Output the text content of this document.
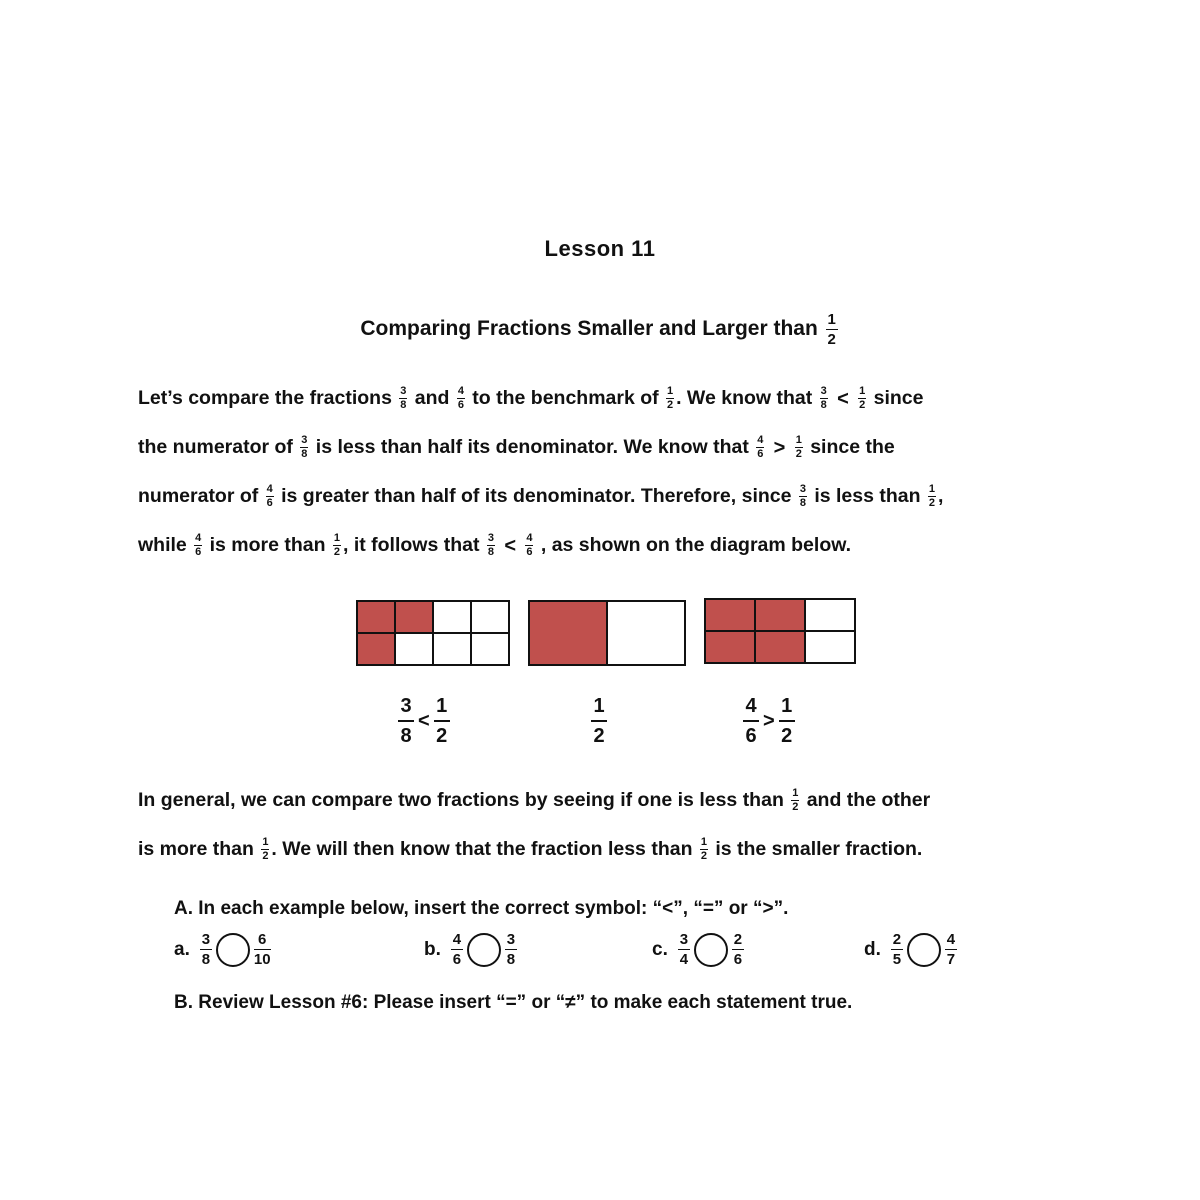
Lesson 11
Comparing Fractions Smaller and Larger than $\frac{1}{2}$
Let’s compare the fractions $\frac{3}{8}$ and $\frac{4}{6}$ to the benchmark of $\frac{1}{2}$ . We know that $\frac{3}{8} < \frac{1}{2}$ since
the numerator of $\frac{3}{8}$ is less than half its denominator. We know that $\frac{4}{6} > \frac{1}{2}$ since the
numerator of $\frac{4}{6}$ is greater than half of its denominator. Therefore, since $\frac{3}{8}$ is less than $\frac{1}{2}$ ,
while $\frac{4}{6}$ is more than $\frac{1}{2}$ , it follows that $\frac{3}{8} < \frac{4}{6}$ , as shown on the diagram below.
$\frac{3}{8} < \frac{1}{2}$	$\frac{1}{2}$	$\frac{4}{6} > \frac{1}{2}$
In general, we can compare two fractions by seeing if one is less than $\frac{1}{2}$ and the other
is more than $\frac{1}{2}$ . We will then know that the fraction less than $\frac{1}{2}$ is the smaller fraction.
A. In each example below, insert the correct symbol: “<”, “=” or “>”.
a. $\frac{3}{8}$	$\frac{6}{10}$	b. $\frac{4}{6}$	$\frac{3}{8}$	c. $\frac{3}{4}$	$\frac{2}{6}$	d. $\frac{2}{5}$	$\frac{4}{7}$
B. Review Lesson #6: Please insert “=” or “≠” to make each statement true.
